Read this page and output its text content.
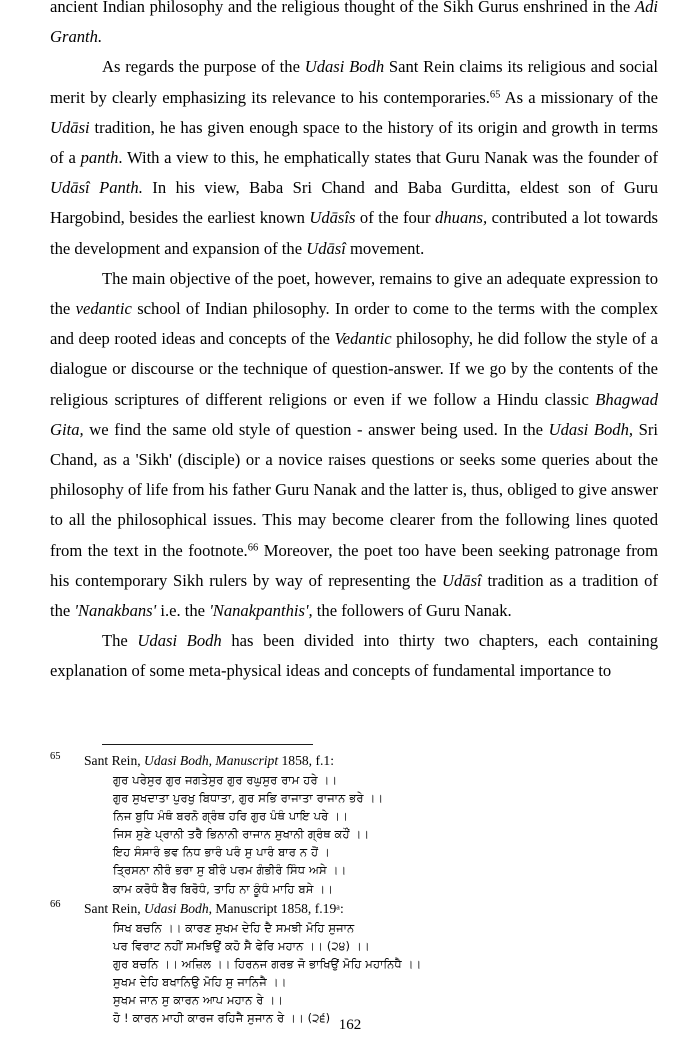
ancient Indian philosophy and the religious thought of the Sikh Gurus enshrined in the Adi Granth.

As regards the purpose of the Udasi Bodh Sant Rein claims its religious and social merit by clearly emphasizing its relevance to his contemporaries.$^{65}$ As a missionary of the Udāsi tradition, he has given enough space to the history of its origin and growth in terms of a panth. With a view to this, he emphatically states that Guru Nanak was the founder of Udāsî Panth. In his view, Baba Sri Chand and Baba Gurditta, eldest son of Guru Hargobind, besides the earliest known Udāsîs of the four dhuans, contributed a lot towards the development and expansion of the Udāsî movement.

The main objective of the poet, however, remains to give an adequate expression to the vedantic school of Indian philosophy. In order to come to the terms with the complex and deep rooted ideas and concepts of the Vedantic philosophy, he did follow the style of a dialogue or discourse or the technique of question-answer. If we go by the contents of the religious scriptures of different religions or even if we follow a Hindu classic Bhagwad Gita, we find the same old style of question - answer being used. In the Udasi Bodh, Sri Chand, as a 'Sikh' (disciple) or a novice raises questions or seeks some queries about the philosophy of life from his father Guru Nanak and the latter is, thus, obliged to give answer to all the philosophical issues. This may become clearer from the following lines quoted from the text in the footnote.$^{66}$ Moreover, the poet too have been seeking patronage from his contemporary Sikh rulers by way of representing the Udāsî tradition as a tradition of the 'Nanakbans' i.e. the 'Nanakpanthis', the followers of Guru Nanak.

The Udasi Bodh has been divided into thirty two chapters, each containing explanation of some meta-physical ideas and concepts of fundamental importance to

65	Sant Rein, Udasi Bodh, Manuscript 1858, f.1:
ਗੁਰ ਪਰੇਸੁਰ ਗੁਰ ਜਗਤੇਸੁਰ ਗੁਰ ਰਘੁਸੁਰ ਰਾਮ ਹਰੇ ।।
ਗੁਰ ਸੁਖਦਾਤਾ ਪੁਰਖੁ ਬਿਧਾਤਾ, ਗੁਰ ਸਭਿ ਰਾਜਾਤਾ ਰਾਜਾਨ ਭਰੇ ।।
ਨਿਜ ਬੁਧਿ ਮੰਥੰ ਬਰਨੋ ਗ੍ਰੰਥ ਹਰਿ ਗੁਰ ਪੰਥੰ ਪਾਇ ਪਰੇ ।।
ਜਿਸ ਸੁਣੇ ਪ੍ਰਾਨੀ ਤਰੈ ਭਿਨਾਨੀ ਰਾਜਾਨ ਸੁਖਾਨੀ ਗ੍ਰੰਥ ਕਹੌਂ ।।
ਇਹ ਸੰਸਾਰੰ ਭਵ ਨਿਧ ਭਾਰੰ ਪਰੰ ਸੁ ਪਾਰੰ ਬਾਰ ਨ ਹੋਂ ।
ਤ੍ਰਿਸਨਾ ਨੀਰੰ ਭਰਾ ਸੁ ਬੀਰੰ ਪਰਮ ਗੰਭੀਰੰ ਸਿੰਧ ਅਸੇ ।।
ਕਾਮ ਕਰੋਧੰ ਬੈਰ ਬਿਰੋਧੰ, ਤਾਹਿ ਨਾ ਕੂੰਧੰ ਮਾਹਿ ਬਸੇ ।।
66	Sant Rein, Udasi Bodh, Manuscript 1858, f.19ᵃ:
ਸਿਖ ਬਚਨਿ ।। ਕਾਰਣ ਸੁਖਮ ਦੇਹਿ ਦੈ ਸਮਝੀ ਮੋਹਿ ਸੁਜਾਨ
ਪਰ ਵਿਰਾਟ ਨਹੀਂ ਸਮਝਿਉਂ ਕਹੋ ਸੈ ਫੇਰਿ ਮਹਾਨ ।। (੨੪) ।।
ਗੁਰ ਬਚਨਿ ।। ਅਜ਼ਿਲ ।। ਹਿਰਨਜ ਗਰਭ ਜੋ ਭਾਖਿਉਂ ਮੋਹਿ ਮਹਾਨਿਧੈ ।।
ਸੁਖਮ ਦੇਹਿ ਬਖਾਨਿਉ ਮੋਹਿ ਸੁ ਜਾਨਿਜੈ ।।
ਸੁਖਮ ਜਾਨ ਸੁ ਕਾਰਨ ਆਪ ਮਹਾਨ ਰੇ ।।
ਹੋ ! ਕਾਰਨ ਮਾਹੀ ਕਾਰਜ ਰਹਿਜੈ ਸੁਜਾਨ ਰੇ ।। (੨੬) 162
